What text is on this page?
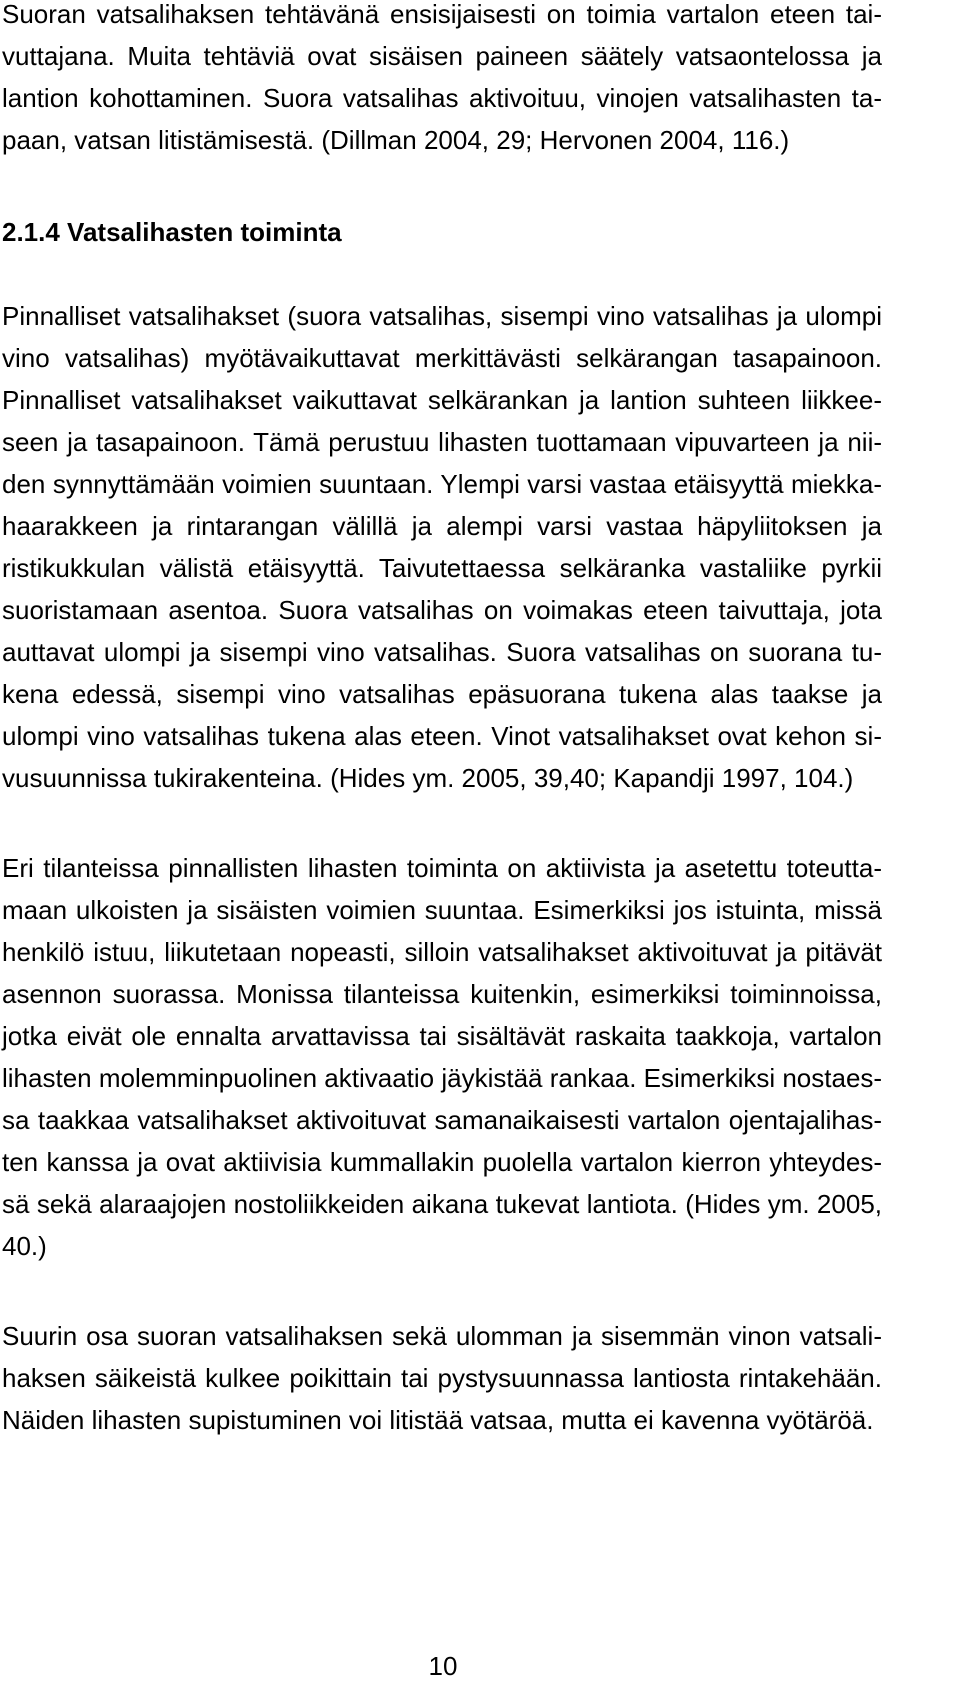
Suoran vatsalihaksen tehtävänä ensisijaisesti on toimia vartalon eteen tai-
vuttajana. Muita tehtäviä ovat sisäisen paineen säätely vatsaontelossa ja
lantion kohottaminen. Suora vatsalihas aktivoituu, vinojen vatsalihasten ta-
paan, vatsan litistämisestä. (Dillman 2004, 29; Hervonen 2004, 116.)
2.1.4 Vatsalihasten toiminta
Pinnalliset vatsalihakset (suora vatsalihas, sisempi vino vatsalihas ja ulompi
vino vatsalihas) myötävaikuttavat merkittävästi selkärangan tasapainoon.
Pinnalliset vatsalihakset vaikuttavat selkärankan ja lantion suhteen liikkee-
seen ja tasapainoon. Tämä perustuu lihasten tuottamaan vipuvarteen ja nii-
den synnyttämään voimien suuntaan. Ylempi varsi vastaa etäisyyttä miekka-
haarakkeen ja rintarangan välillä ja alempi varsi vastaa häpyliitoksen ja
ristikukkulan välistä etäisyyttä. Taivutettaessa selkäranka vastaliike pyrkii
suoristamaan asentoa. Suora vatsalihas on voimakas eteen taivuttaja, jota
auttavat ulompi ja sisempi vino vatsalihas. Suora vatsalihas on suorana tu-
kena edessä, sisempi vino vatsalihas epäsuorana tukena alas taakse ja
ulompi vino vatsalihas tukena alas eteen. Vinot vatsalihakset ovat kehon si-
vusuunnissa tukirakenteina. (Hides ym. 2005, 39,40; Kapandji 1997, 104.)
Eri tilanteissa pinnallisten lihasten toiminta on aktiivista ja asetettu toteutta-
maan ulkoisten ja sisäisten voimien suuntaa. Esimerkiksi jos istuinta, missä
henkilö istuu, liikutetaan nopeasti, silloin vatsalihakset aktivoituvat ja pitävät
asennon suorassa. Monissa tilanteissa kuitenkin, esimerkiksi toiminnoissa,
jotka eivät ole ennalta arvattavissa tai sisältävät raskaita taakkoja, vartalon
lihasten molemminpuolinen aktivaatio jäykistää rankaa. Esimerkiksi nostaes-
sa taakkaa vatsalihakset aktivoituvat samanaikaisesti vartalon ojentajalihas-
ten kanssa ja ovat aktiivisia kummallakin puolella vartalon kierron yhteydes-
sä sekä alaraajojen nostoliikkeiden aikana tukevat lantiota. (Hides ym. 2005,
40.)
Suurin osa suoran vatsalihaksen sekä ulomman ja sisemmän vinon vatsali-
haksen säikeistä kulkee poikittain tai pystysuunnassa lantiosta rintakehään.
Näiden lihasten supistuminen voi litistää vatsaa, mutta ei kavenna vyötäröä.
10
